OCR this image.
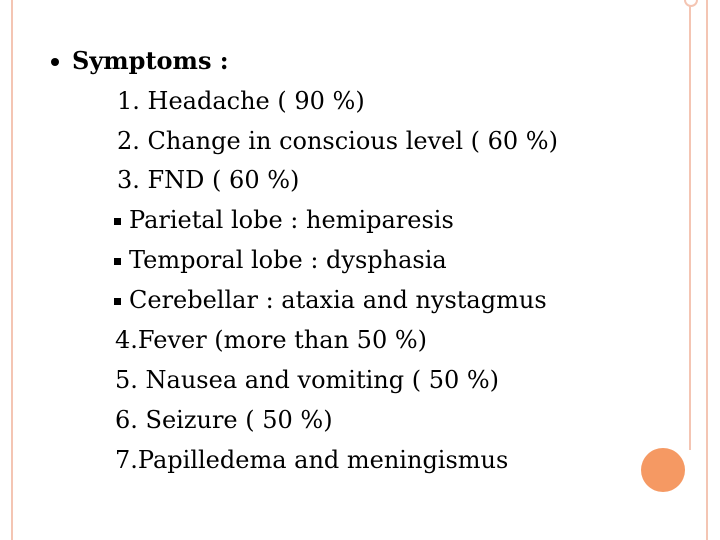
Symptoms :
1. Headache ( 90 %)
2. Change in conscious level ( 60 %)
3. FND ( 60 %)
Parietal lobe : hemiparesis
Temporal lobe : dysphasia
Cerebellar : ataxia and nystagmus
4.Fever (more than 50 %)
5. Nausea and vomiting ( 50 %)
6. Seizure ( 50 %)
7.Papilledema and meningismus
